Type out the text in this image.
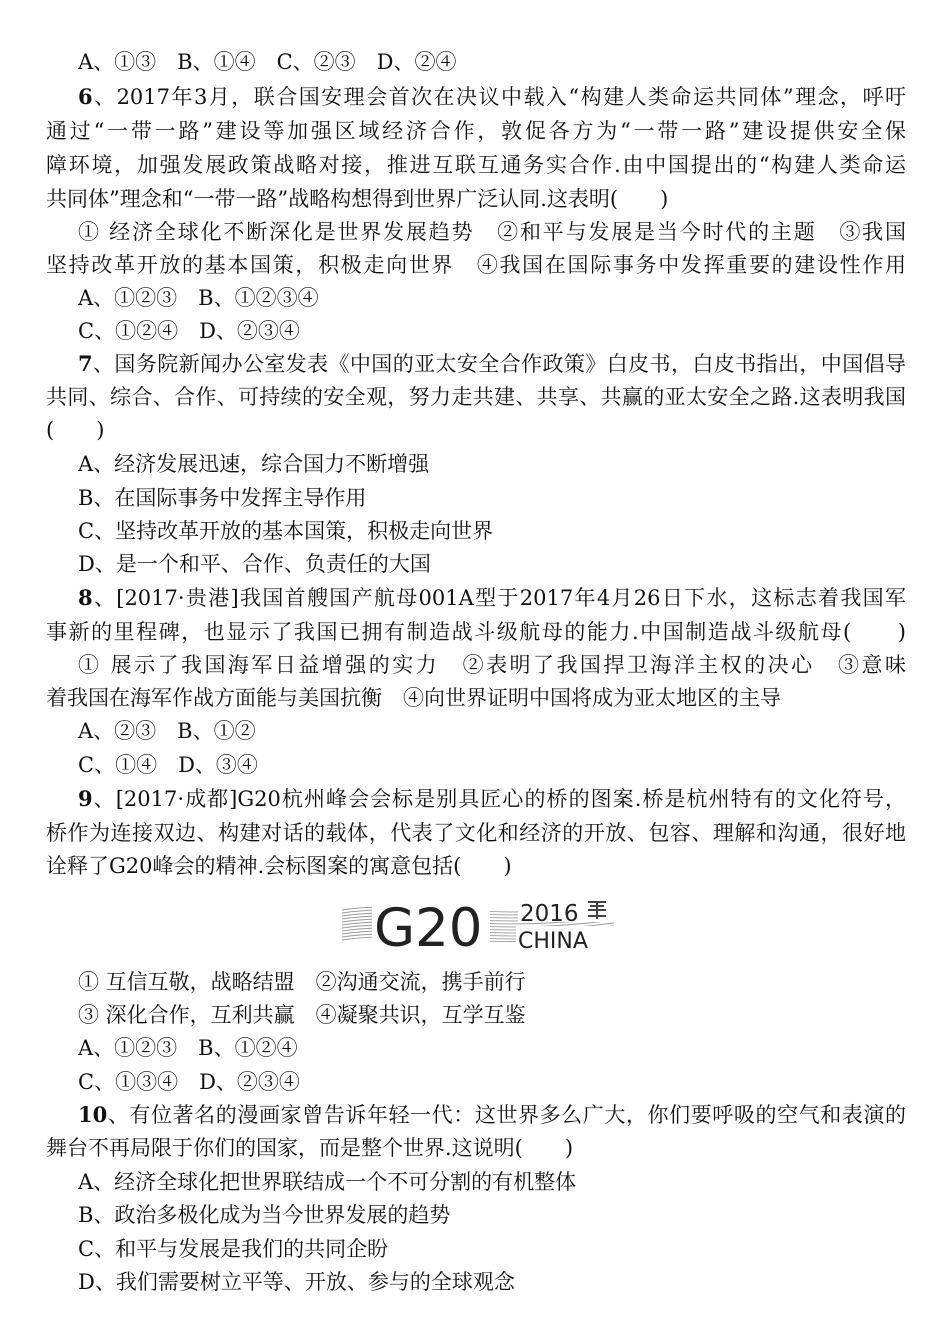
A、①③　B、①④　C、②③　D、②④
6、2017年3月，联合国安理会首次在决议中载入“构建人类命运共同体”理念，呼吁
通过“一带一路”建设等加强区域经济合作，敦促各方为“一带一路”建设提供安全保
障环境，加强发展政策战略对接，推进互联互通务实合作.由中国提出的“构建人类命运
共同体”理念和“一带一路”战略构想得到世界广泛认同.这表明(　　)
① 经济全球化不断深化是世界发展趋势　②和平与发展是当今时代的主题　③我国
坚持改革开放的基本国策，积极走向世界　④我国在国际事务中发挥重要的建设性作用
A、①②③　B、①②③④
C、①②④　D、②③④
7、国务院新闻办公室发表《中国的亚太安全合作政策》白皮书，白皮书指出，中国倡导
共同、综合、合作、可持续的安全观，努力走共建、共享、共赢的亚太安全之路.这表明我国
(　　)
A、经济发展迅速，综合国力不断增强
B、在国际事务中发挥主导作用
C、坚持改革开放的基本国策，积极走向世界
D、是一个和平、合作、负责任的大国
8、[2017·贵港]我国首艘国产航母001A型于2017年4月26日下水，这标志着我国军
事新的里程碑，也显示了我国已拥有制造战斗级航母的能力.中国制造战斗级航母(　　)
① 展示了我国海军日益增强的实力　②表明了我国捍卫海洋主权的决心　③意味
着我国在海军作战方面能与美国抗衡　④向世界证明中国将成为亚太地区的主导
A、②③　B、①②
C、①④　D、③④
9、[2017·成都]G20杭州峰会会标是别具匠心的桥的图案.桥是杭州特有的文化符号，
桥作为连接双边、构建对话的载体，代表了文化和经济的开放、包容、理解和沟通，很好地
诠释了G20峰会的精神.会标图案的寓意包括(　　)
G20 2016
CHINA
① 互信互敬，战略结盟　②沟通交流，携手前行
③ 深化合作，互利共赢　④凝聚共识，互学互鉴
A、①②③　B、①②④
C、①③④　D、②③④
10、有位著名的漫画家曾告诉年轻一代：这世界多么广大，你们要呼吸的空气和表演的
舞台不再局限于你们的国家，而是整个世界.这说明(　　)
A、经济全球化把世界联结成一个不可分割的有机整体
B、政治多极化成为当今世界发展的趋势
C、和平与发展是我们的共同企盼
D、我们需要树立平等、开放、参与的全球观念
